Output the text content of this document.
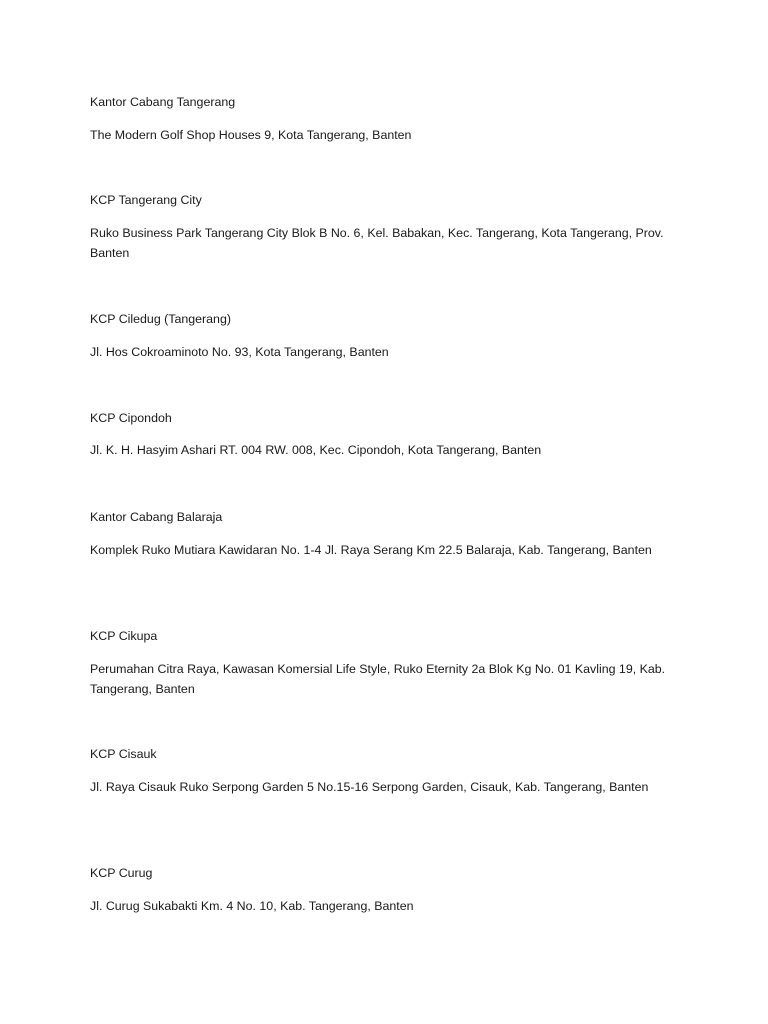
Kantor Cabang Tangerang

The Modern Golf Shop Houses 9, Kota Tangerang, Banten

KCP Tangerang City

Ruko Business Park Tangerang City Blok B No. 6, Kel. Babakan, Kec. Tangerang, Kota Tangerang, Prov. Banten

KCP Ciledug (Tangerang)

Jl. Hos Cokroaminoto No. 93, Kota Tangerang, Banten

KCP Cipondoh

Jl. K. H. Hasyim Ashari RT. 004 RW. 008, Kec. Cipondoh, Kota Tangerang, Banten

Kantor Cabang Balaraja

Komplek Ruko Mutiara Kawidaran No. 1-4 Jl. Raya Serang Km 22.5 Balaraja, Kab. Tangerang, Banten

KCP Cikupa

Perumahan Citra Raya, Kawasan Komersial Life Style, Ruko Eternity 2a Blok Kg No. 01 Kavling 19, Kab. Tangerang, Banten

KCP Cisauk

Jl. Raya Cisauk Ruko Serpong Garden 5 No.15-16 Serpong Garden, Cisauk, Kab. Tangerang, Banten

KCP Curug

Jl. Curug Sukabakti Km. 4 No. 10, Kab. Tangerang, Banten
